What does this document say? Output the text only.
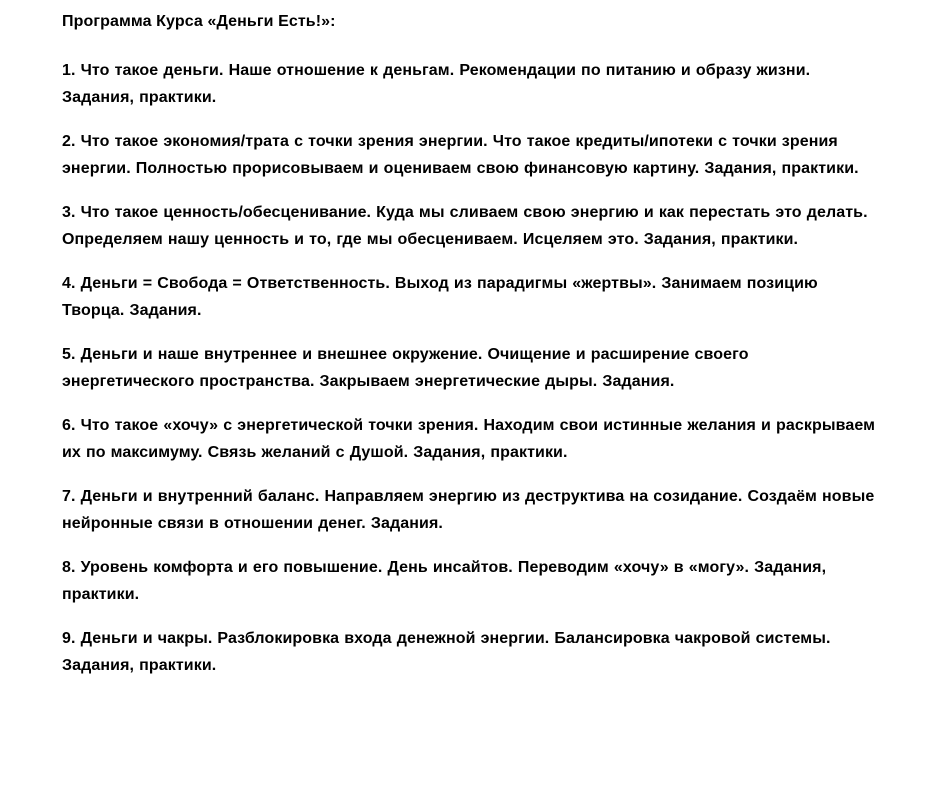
Программа Курса «Деньги Есть!»:

1. Что такое деньги. Наше отношение к деньгам. Рекомендации по питанию и образу жизни. Задания, практики.

2. Что такое экономия/трата с точки зрения энергии. Что такое кредиты/ипотеки с точки зрения энергии. Полностью прорисовываем и оцениваем свою финансовую картину. Задания, практики.

3. Что такое ценность/обесценивание. Куда мы сливаем свою энергию и как перестать это делать. Определяем нашу ценность и то, где мы обесцениваем. Исцеляем это. Задания, практики.

4. Деньги = Свобода = Ответственность. Выход из парадигмы «жертвы». Занимаем позицию Творца. Задания.

5. Деньги и наше внутреннее и внешнее окружение. Очищение и расширение своего энергетического пространства. Закрываем энергетические дыры. Задания.

6. Что такое «хочу» с энергетической точки зрения. Находим свои истинные желания и раскрываем их по максимуму. Связь желаний с Душой. Задания, практики.

7. Деньги и внутренний баланс. Направляем энергию из деструктива на созидание. Создаём новые нейронные связи в отношении денег. Задания.

8. Уровень комфорта и его повышение. День инсайтов. Переводим «хочу» в «могу». Задания, практики.

9. Деньги и чакры. Разблокировка входа денежной энергии. Балансировка чакровой системы. Задания, практики.
